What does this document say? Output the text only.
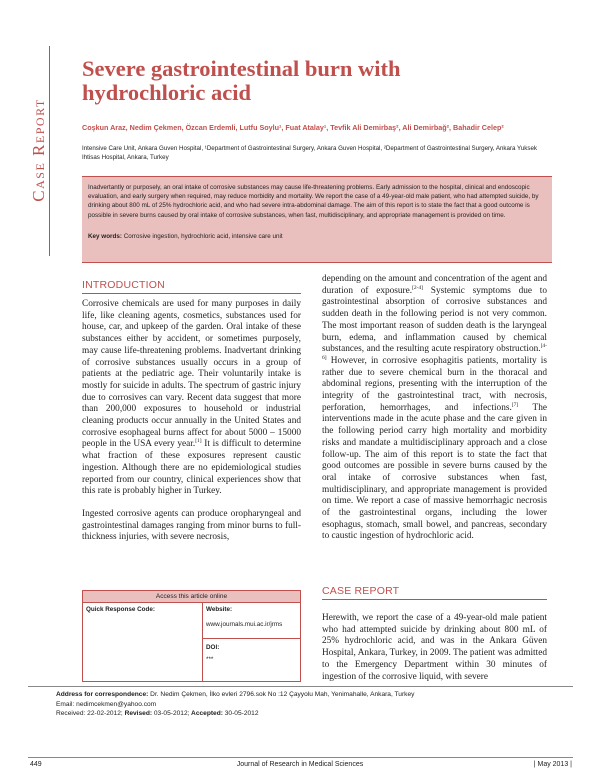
Case Report
Severe gastrointestinal burn with hydrochloric acid
Coşkun Araz, Nedim Çekmen, Özcan Erdemli, Lutfu Soylu¹, Fuat Atalay¹, Tevfik Ali Demirbaş², Ali Demirbağ², Bahadir Celep²
Intensive Care Unit, Ankara Guven Hospital, ¹Department of Gastrointestinal Surgery, Ankara Guven Hospital, ²Department of Gastrointestinal Surgery, Ankara Yuksek Ihtisas Hospital, Ankara, Turkey
Inadvertantly or purposely, an oral intake of corrosive substances may cause life-threatening problems. Early admission to the hospital, clinical and endoscopic evaluation, and early surgery when required, may reduce morbidity and mortality. We report the case of a 49-year-old male patient, who had attempted suicide, by drinking about 800 mL of 25% hydrochloric acid, and who had severe intra-abdominal damage. The aim of this report is to state the fact that a good outcome is possible in severe burns caused by oral intake of corrosive substances, when fast, multidisciplinary, and appropriate management is provided on time.
Key words: Corrosive ingestion, hydrochloric acid, intensive care unit
INTRODUCTION

Corrosive chemicals are used for many purposes in daily life, like cleaning agents, cosmetics, substances used for house, car, and upkeep of the garden. Oral intake of these substances either by accident, or sometimes purposely, may cause life-threatening problems. Inadvertant drinking of corrosive substances usually occurs in a group of patients at the pediatric age. Their voluntarily intake is mostly for suicide in adults. The spectrum of gastric injury due to corrosives can vary. Recent data suggest that more than 200,000 exposures to household or industrial cleaning products occur annually in the United States and corrosive esophageal burns affect for about 5000 – 15000 people in the USA every year.[1] It is difficult to determine what fraction of these exposures represent caustic ingestion. Although there are no epidemiological studies reported from our country, clinical experiences show that this rate is probably higher in Turkey.

Ingested corrosive agents can produce oropharyngeal and gastrointestinal damages ranging from minor burns to full-thickness injuries, with severe necrosis,

depending on the amount and concentration of the agent and duration of exposure.[2-4] Systemic symptoms due to gastrointestinal absorption of corrosive substances and sudden death in the following period is not very common. The most important reason of sudden death is the laryngeal burn, edema, and inflammation caused by chemical substances, and the resulting acute respiratory obstruction.[4-6] However, in corrosive esophagitis patients, mortality is rather due to severe chemical burn in the thoracal and abdominal regions, presenting with the interruption of the integrity of the gastrointestinal tract, with necrosis, perforation, hemorrhages, and infections.[7] The interventions made in the acute phase and the care given in the following period carry high mortality and morbidity risks and mandate a multidisciplinary approach and a close follow-up. The aim of this report is to state the fact that good outcomes are possible in severe burns caused by the oral intake of corrosive substances when fast, multidisciplinary, and appropriate management is provided on time. We report a case of massive hemorrhagic necrosis of the gastrointestinal organs, including the lower esophagus, stomach, small bowel, and pancreas, secondary to caustic ingestion of hydrochloric acid.

CASE REPORT

Herewith, we report the case of a 49-year-old male patient who had attempted suicide by drinking about 800 mL of 25% hydrochloric acid, and was in the Ankara Güven Hospital, Ankara, Turkey, in 2009. The patient was admitted to the Emergency Department within 30 minutes of ingestion of the corrosive liquid, with severe

Access this article online
Quick Response Code:	Website:
www.journals.mui.ac.ir/jrms
DOI:
***
Address for correspondence: Dr. Nedim Çekmen, İlko evleri 2796.sok No :12 Çayyolu Mah, Yenimahalle, Ankara, Turkey
Email: nedimcekmen@yahoo.com
Received: 22-02-2012; Revised: 03-05-2012; Accepted: 30-05-2012
449	Journal of Research in Medical Sciences	| May 2013 |
